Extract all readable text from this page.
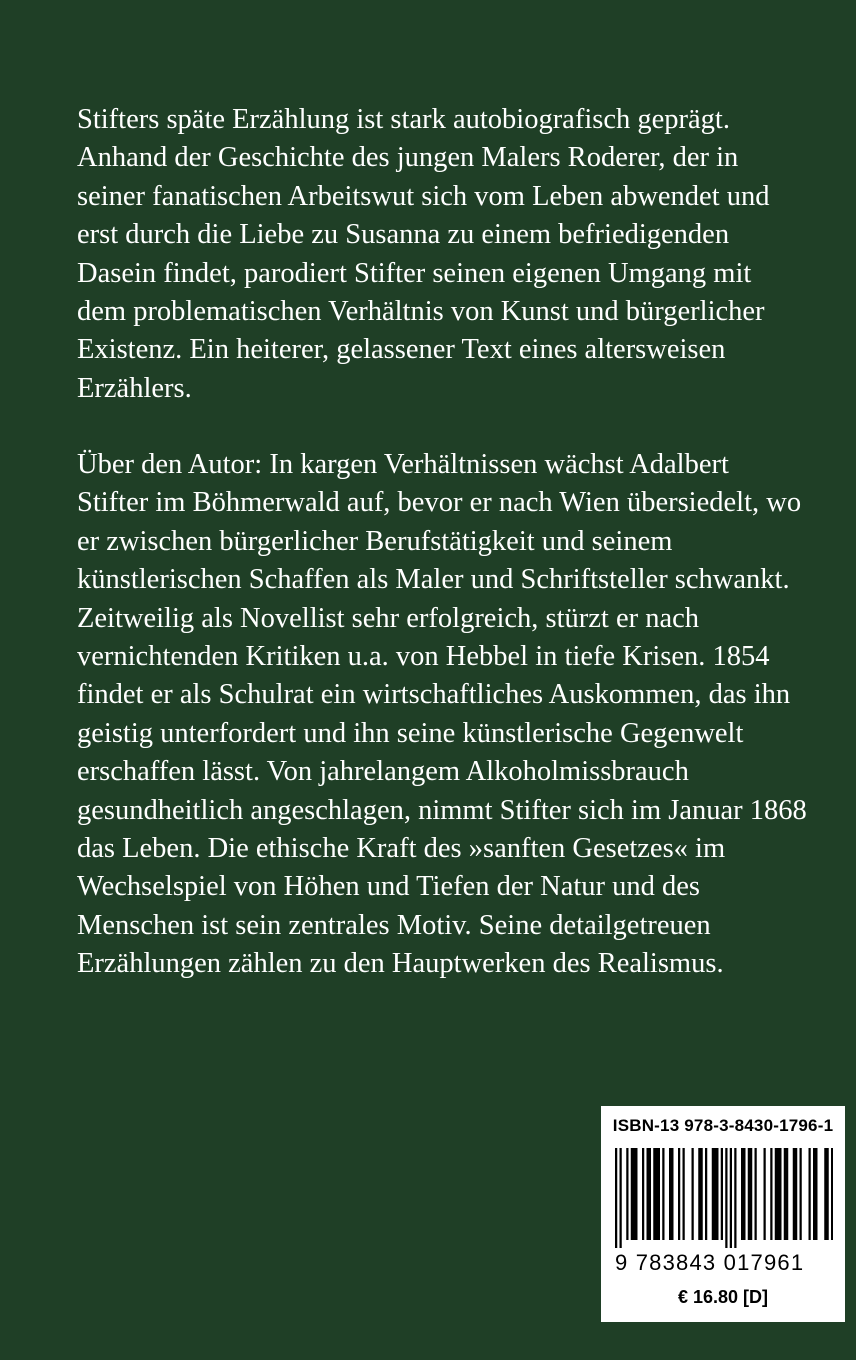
Stifters späte Erzählung ist stark autobiografisch geprägt.
Anhand der Geschichte des jungen Malers Roderer, der in
seiner fanatischen Arbeitswut sich vom Leben abwendet und
erst durch die Liebe zu Susanna zu einem befriedigenden
Dasein findet, parodiert Stifter seinen eigenen Umgang mit
dem problematischen Verhältnis von Kunst und bürgerlicher
Existenz. Ein heiterer, gelassener Text eines altersweisen
Erzählers.
Über den Autor: In kargen Verhältnissen wächst Adalbert
Stifter im Böhmerwald auf, bevor er nach Wien übersiedelt, wo
er zwischen bürgerlicher Berufstätigkeit und seinem
künstlerischen Schaffen als Maler und Schriftsteller schwankt.
Zeitweilig als Novellist sehr erfolgreich, stürzt er nach
vernichtenden Kritiken u.a. von Hebbel in tiefe Krisen. 1854
findet er als Schulrat ein wirtschaftliches Auskommen, das ihn
geistig unterfordert und ihn seine künstlerische Gegenwelt
erschaffen lässt. Von jahrelangem Alkoholmissbrauch
gesundheitlich angeschlagen, nimmt Stifter sich im Januar 1868
das Leben. Die ethische Kraft des »sanften Gesetzes« im
Wechselspiel von Höhen und Tiefen der Natur und des
Menschen ist sein zentrales Motiv. Seine detailgetreuen
Erzählungen zählen zu den Hauptwerken des Realismus.
ISBN-13 978-3-8430-1796-1
9 783843 017961
€ 16.80 [D]
